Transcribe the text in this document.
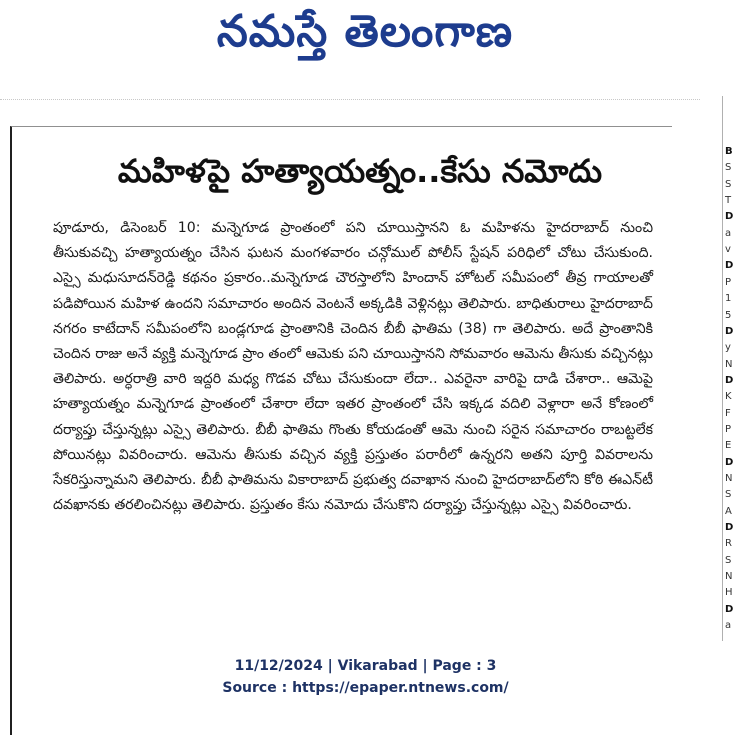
నమస్తే తెలంగాణ
మహిళపై హత్యాయత్నం..కేసు నమోదు
పూడూరు, డిసెంబర్ 10: మన్నెగూడ ప్రాంతంలో పని చూయిస్తానని ఓ మహిళను హైదరాబాద్ నుంచి తీసుకువచ్చి హత్యాయత్నం చేసిన ఘటన మంగళవారం చన్గోముల్ పోలీస్ స్టేషన్ పరిధిలో చోటు చేసుకుంది. ఎస్సై మధుసూదన్‌రెడ్డి కథనం ప్రకారం..మన్నెగూడ చౌరస్తాలోని హిందాన్ హోటల్ సమీపంలో తీవ్ర గాయాలతో పడిపోయిన మహిళ ఉందని సమాచారం అందిన వెంటనే అక్కడికి వెళ్లినట్లు తెలిపారు. బాధితురాలు హైదరాబాద్ నగరం కాటేదాన్ సమీపంలోని బండ్లగూడ ప్రాంతానికి చెందిన బీబీ ఫాతిమ (38) గా తెలిపారు. అదే ప్రాంతానికి చెందిన రాజు అనే వ్యక్తి మన్నెగూడ ప్రాం తంలో ఆమెకు పని చూయిస్తానని సోమవారం ఆమెను తీసుకు వచ్చినట్లు తెలిపారు. అర్ధరాత్రి వారి ఇద్దరి మధ్య గొడవ చోటు చేసుకుందా లేదా.. ఎవరైనా వారిపై దాడి చేశారా.. ఆమెపై హత్యాయత్నం మన్నెగూడ ప్రాంతంలో చేశారా లేదా ఇతర ప్రాంతంలో చేసి ఇక్కడ వదిలి వెళ్లారా అనే కోణంలో దర్యాప్తు చేస్తున్నట్లు ఎస్సై తెలిపారు. బీబీ ఫాతిమ గొంతు కోయడంతో ఆమె నుంచి సరైన సమాచారం రాబట్టలేక పోయినట్లు వివరించారు. ఆమెను తీసుకు వచ్చిన వ్యక్తి ప్రస్తుతం పరారీలో ఉన్నరని అతని పూర్తి వివరాలను సేకరిస్తున్నామని తెలిపారు. బీబీ ఫాతిమను వికారాబాద్ ప్రభుత్వ దవాఖాన నుంచి హైదరాబాద్‌లోని కోఠి ఈఎన్‌టీ దవఖానకు తరలించినట్లు తెలిపారు. ప్రస్తుతం కేసు నమోదు చేసుకొని దర్యాప్తు చేస్తున్నట్లు ఎస్సై వివరించారు.
B
S
S
T
D
a
v
D
P
1
5
D
y
N
D
K
F
P
E
D
N
S
A
D
R
S
N
H
D
a
11/12/2024 | Vikarabad | Page : 3
Source : https://epaper.ntnews.com/
